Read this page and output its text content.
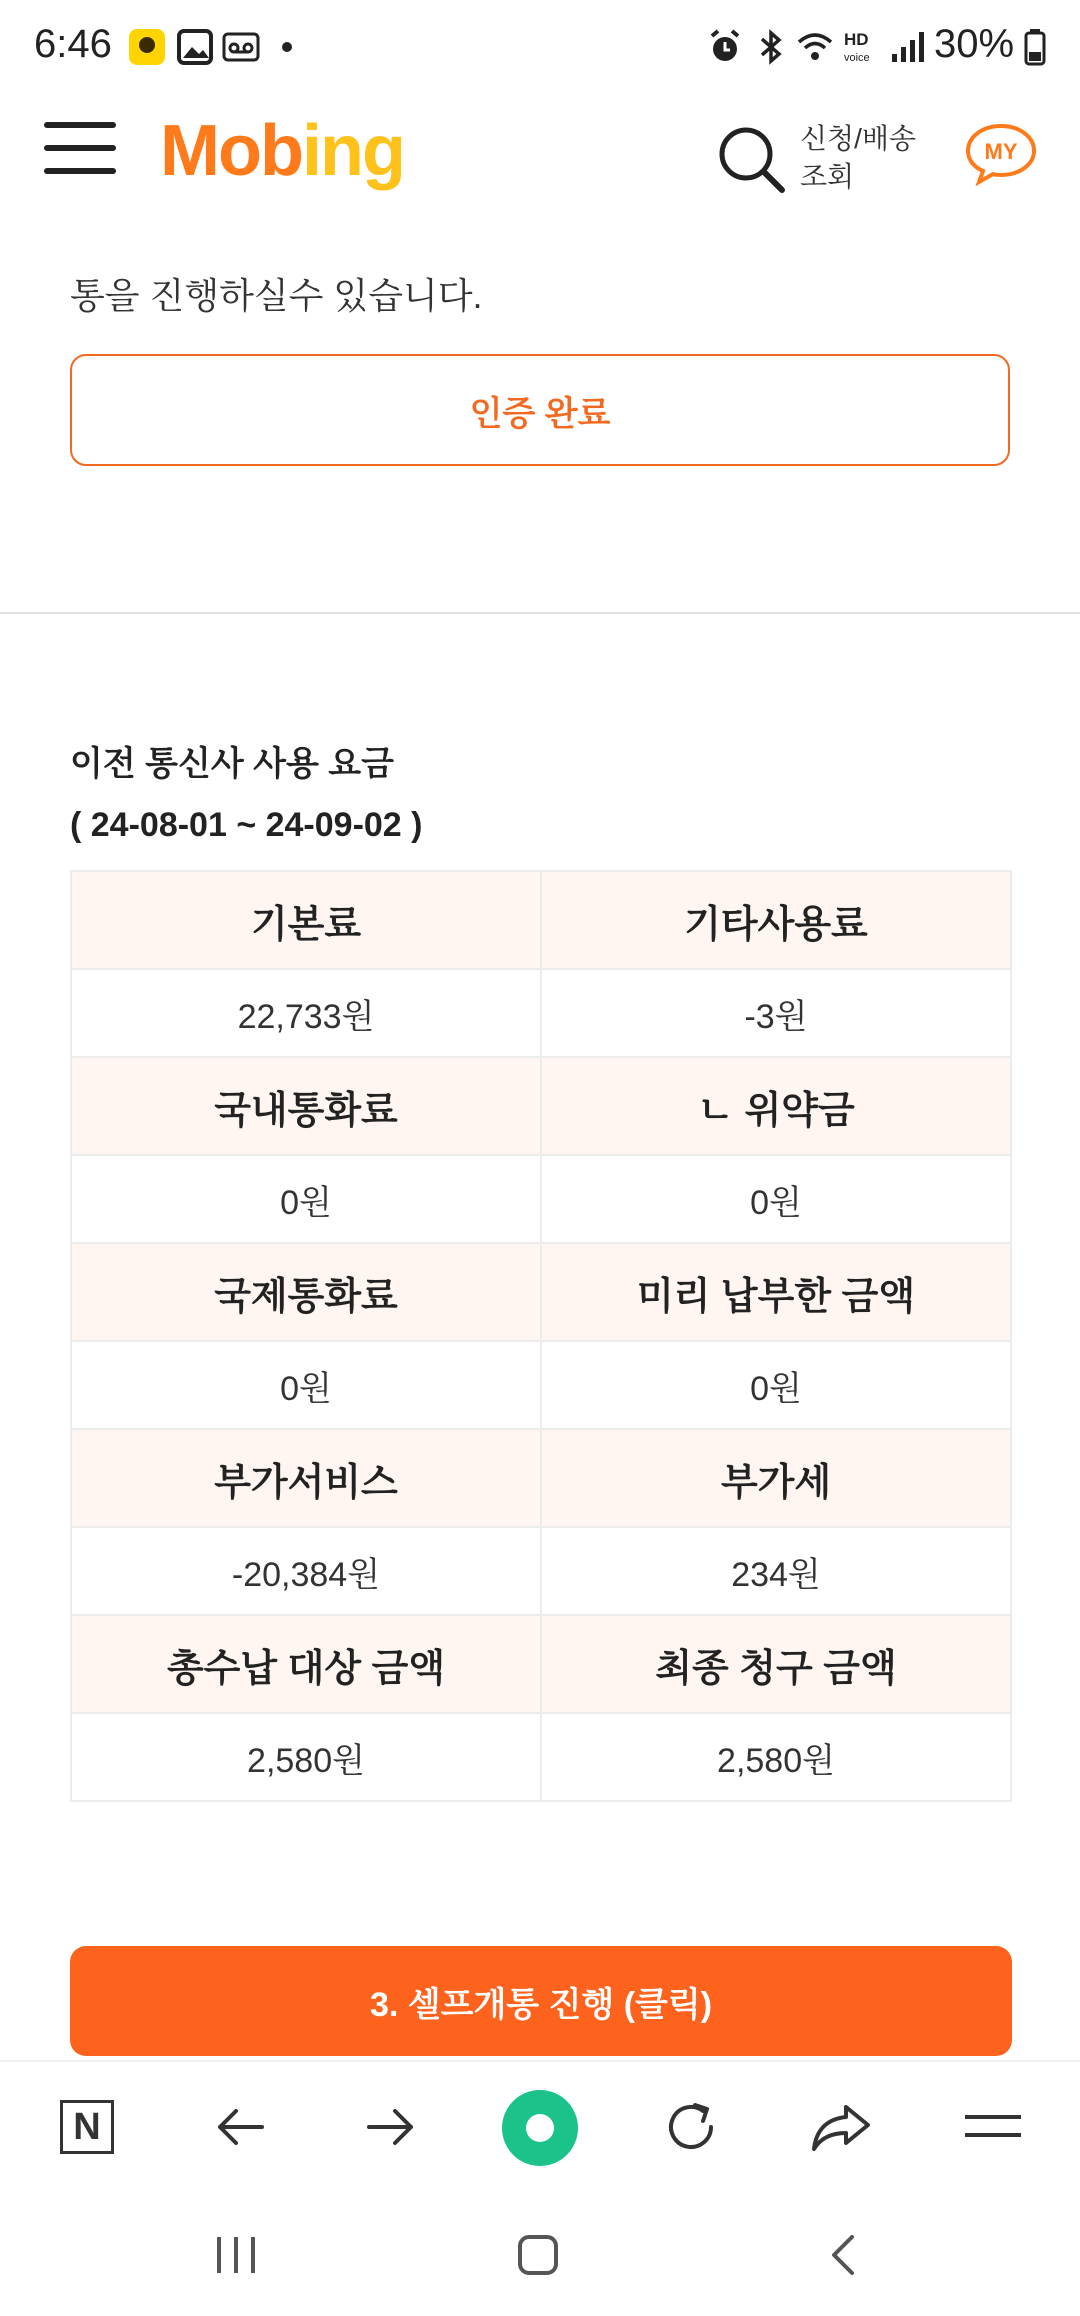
6:46	HD
voice 30%
Mobing	신청/배송
조회
MY
통을 진행하실수 있습니다.
인증 완료
이전 통신사 사용 요금
( 24-08-01 ~ 24-09-02 )
기본료	기타사용료
22,733원	-3원
국내통화료	ㄴ 위약금
0원	0원
국제통화료	미리 납부한 금액
0원	0원
부가서비스	부가세
-20,384원	234원
총수납 대상 금액	최종 청구 금액
2,580원	2,580원
3. 셀프개통 진행 (클릭)
N
